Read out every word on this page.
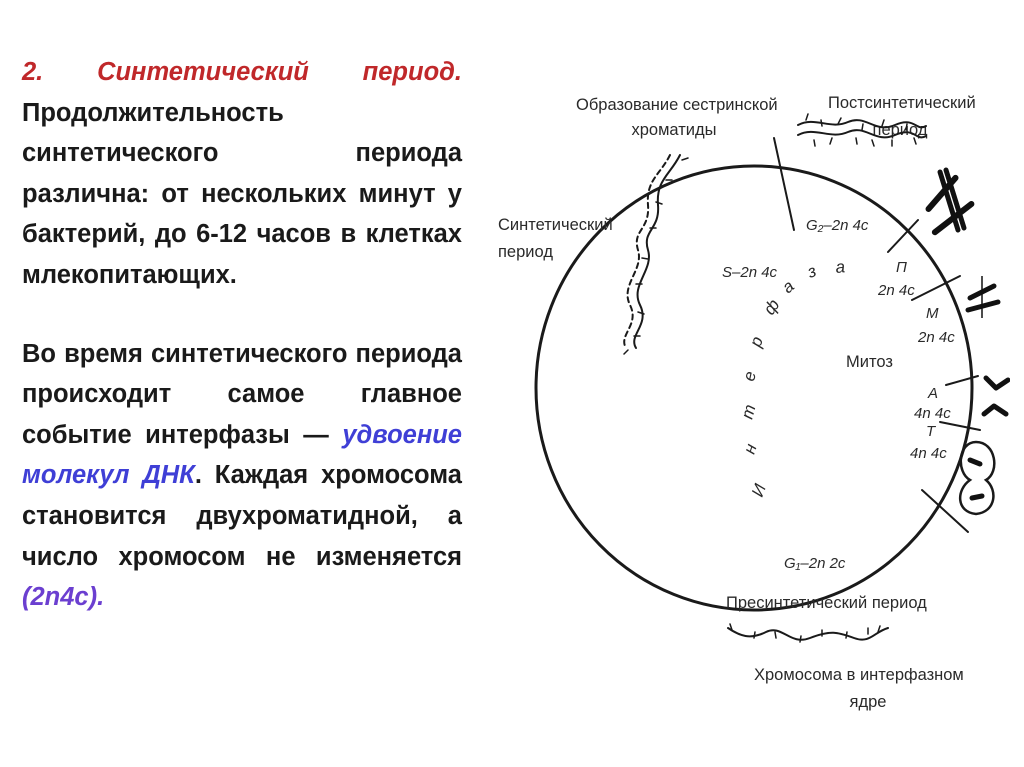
2. Синтетический период. Продолжительность синтетического периода различна: от нескольких минут у бактерий, до 6-12 часов в клетках млекопитающих.

Во время синтетического периода происходит самое главное событие интерфазы — удвоение молекул ДНК. Каждая хромосома становится двухроматидной, а число хромосом не изменяется (2n4c).

Образование сестринской
хроматиды
Постсинтетический
период
Синтетический
период
И
н
т
е
р
ф
а
з а
G₂–2n 4c
S–2n 4c	П
2n 4c
М
2n 4c
Митоз
А
4n 4c
Т
4n 4c
G₁–2n 2c
Пресинтетический период
Хромосома в интерфазном
ядре
